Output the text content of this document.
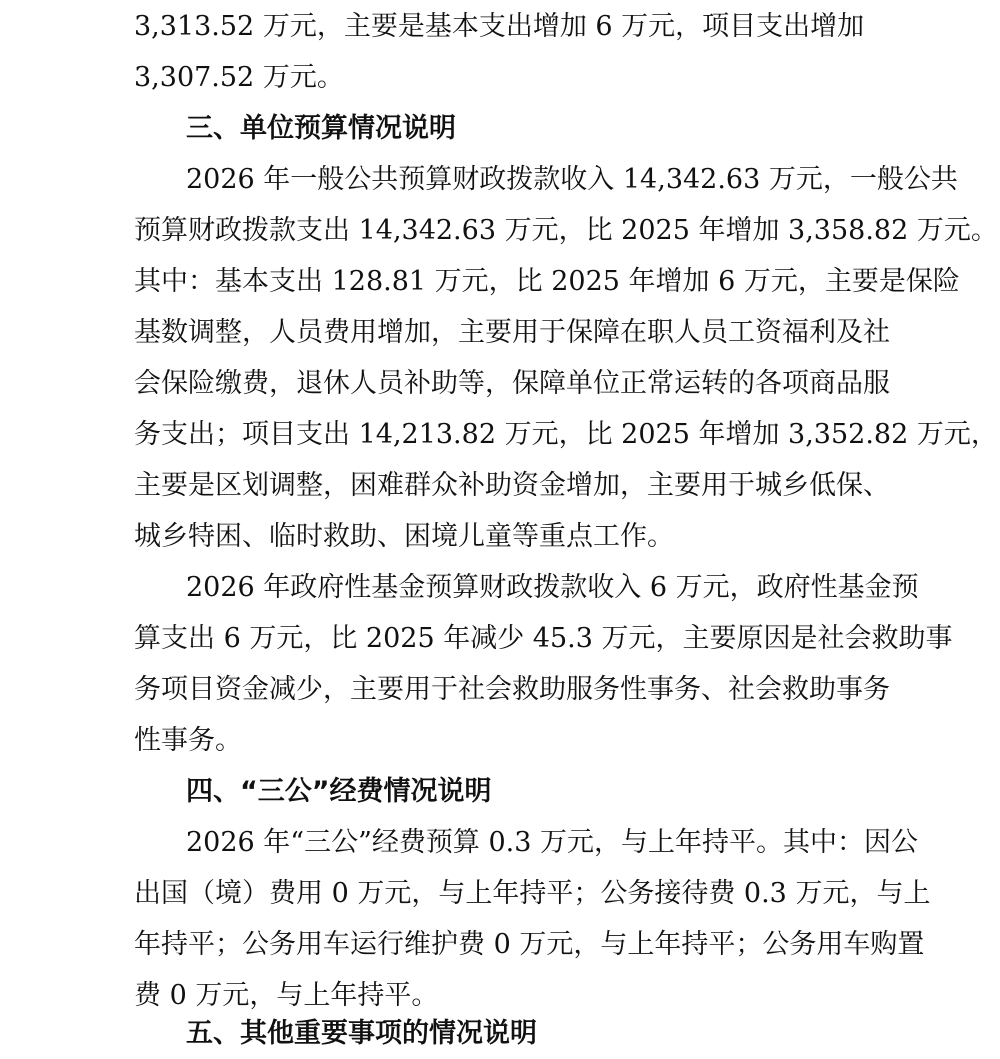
3,313.52 万元，主要是基本支出增加 6 万元，项目支出增加
3,307.52 万元。
三、单位预算情况说明
2026 年一般公共预算财政拨款收入 14,342.63 万元，一般公共
预算财政拨款支出 14,342.63 万元，比 2025 年增加 3,358.82 万元。
其中：基本支出 128.81 万元，比 2025 年增加 6 万元，主要是保险
基数调整，人员费用增加，主要用于保障在职人员工资福利及社
会保险缴费，退休人员补助等，保障单位正常运转的各项商品服
务支出；项目支出 14,213.82 万元，比 2025 年增加 3,352.82 万元，
主要是区划调整，困难群众补助资金增加，主要用于城乡低保、
城乡特困、临时救助、困境儿童等重点工作。
2026 年政府性基金预算财政拨款收入 6 万元，政府性基金预
算支出 6 万元，比 2025 年减少 45.3 万元，主要原因是社会救助事
务项目资金减少，主要用于社会救助服务性事务、社会救助事务
性事务。
四、“三公”经费情况说明
2026 年“三公”经费预算 0.3 万元，与上年持平。其中：因公
出国（境）费用 0 万元，与上年持平；公务接待费 0.3 万元，与上
年持平；公务用车运行维护费 0 万元，与上年持平；公务用车购置
费 0 万元，与上年持平。
五、其他重要事项的情况说明
